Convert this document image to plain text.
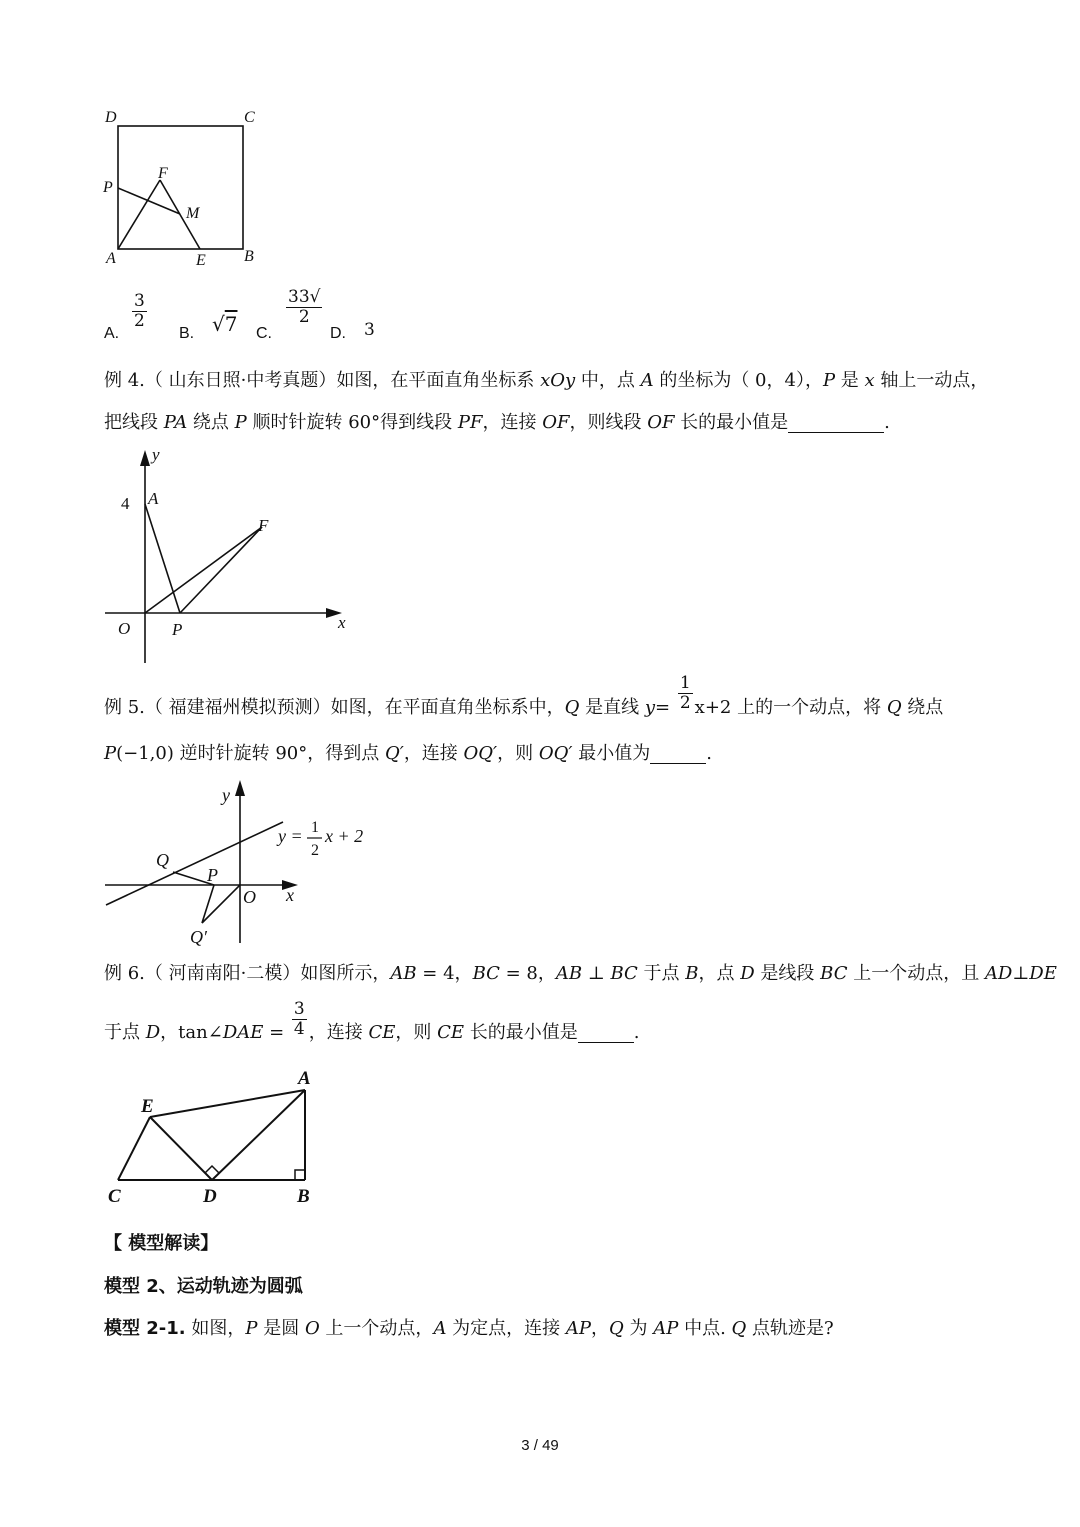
D	C
P
F
M
A	E B
A.
$\frac{3}{2}$
B. √7 C.
$\frac{33√}{2}$
D. 3
例 4.（ 山东日照·中考真题）如图，在平面直角坐标系 xOy 中，点 A 的坐标为（ 0，4），P 是 x 轴上一动点，
把线段 PA 绕点 P 顺时针旋转 60°得到线段 PF，连接 OF，则线段 OF 长的最小值是	.
y
4 A
F
O P	x
例 5.（ 福建福州模拟预测）如图，在平面直角坐标系中，Q 是直线 $y= \frac{1}{2} x+2$ 上的一个动点，将 Q 绕点
P(−1,0) 逆时针旋转 90°，得到点 Q′，连接 OQ′，则 OQ′ 最小值为	.
y
Q
P
O x
Q′
y = 1
2
x + 2
例 6.（ 河南南阳·二模）如图所示，AB = 4，BC = 8，AB ⊥ BC 于点 B，点 D 是线段 BC 上一个动点，且 AD⊥DE
于点 D，tan∠DAE = $\frac{3}{4}$ ，连接 CE，则 CE 长的最小值是	.
A
E
C	D	B
【 模型解读】
模型 2、运动轨迹为圆弧
模型 2-1. 如图，P 是圆 O 上一个动点，A 为定点，连接 AP，Q 为 AP 中点. Q 点轨迹是?
3 / 49
